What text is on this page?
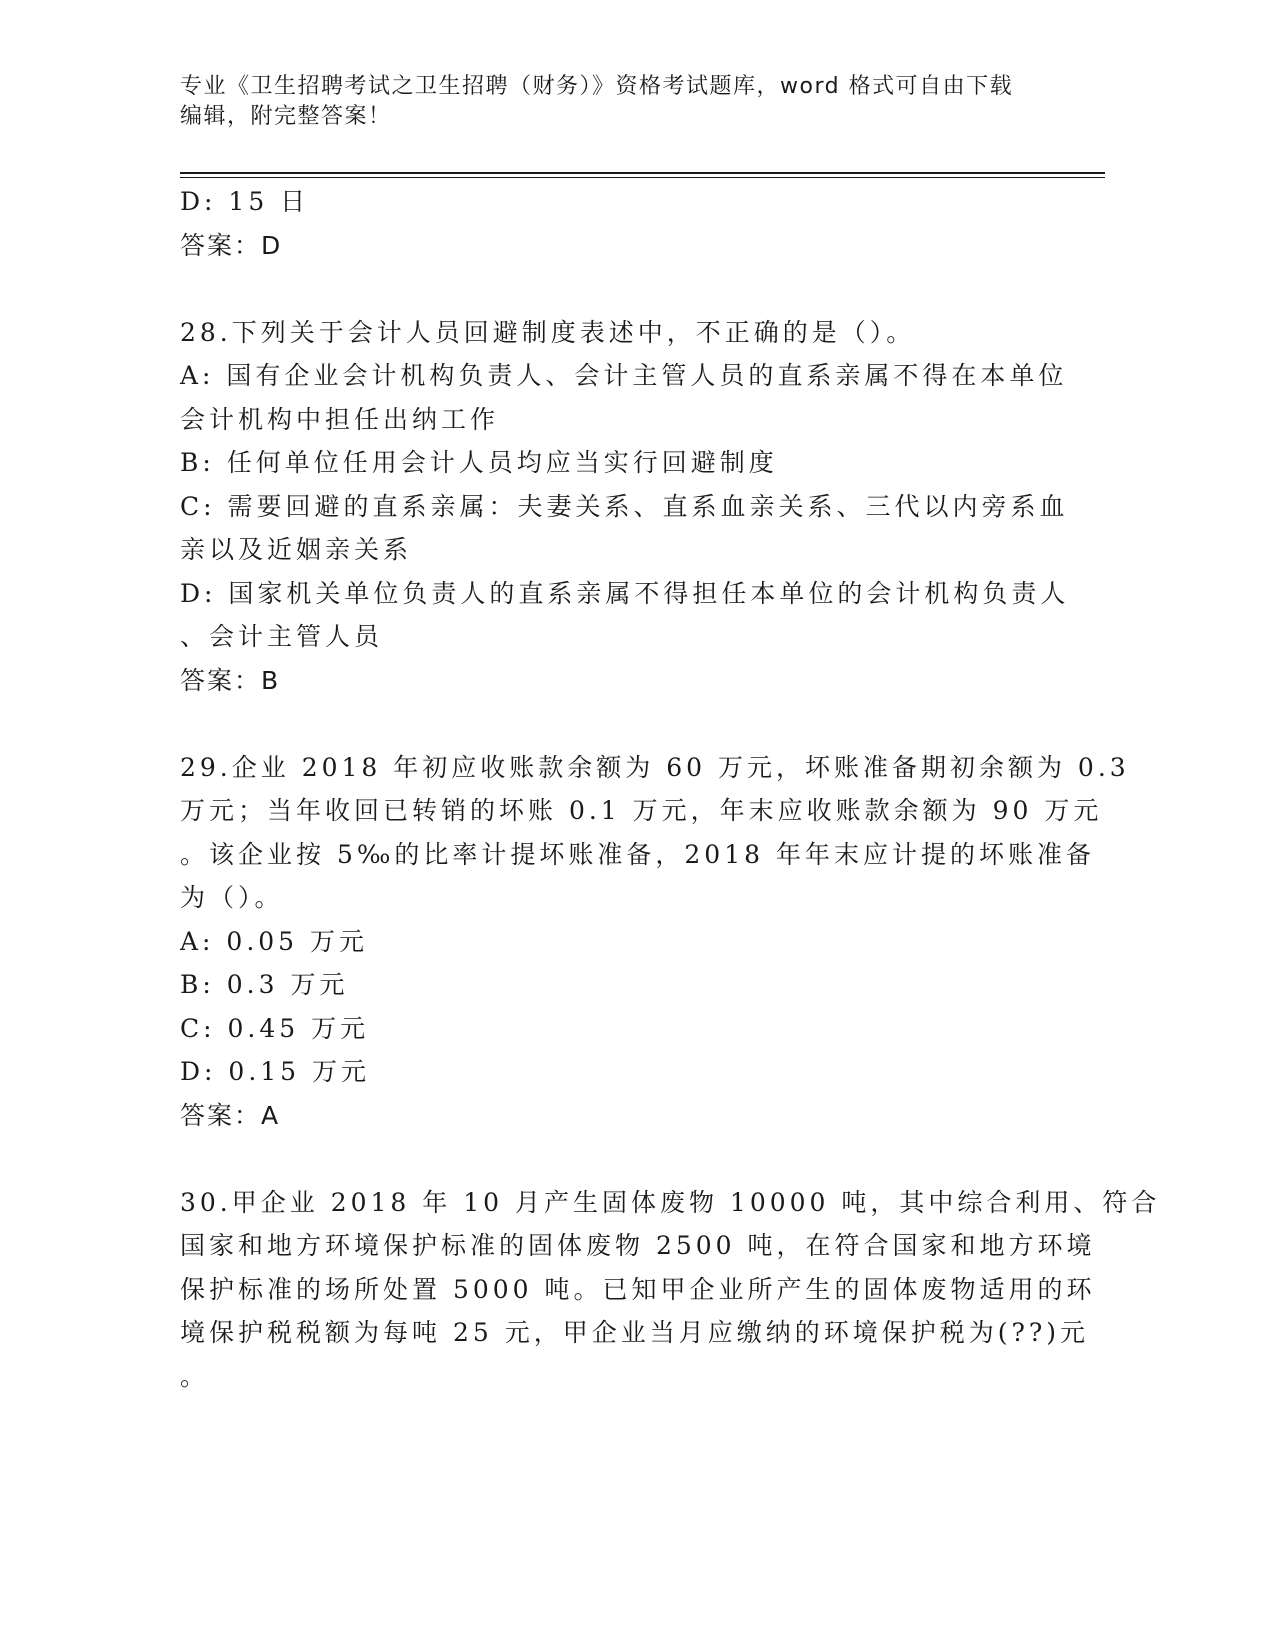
专业《卫生招聘考试之卫生招聘（财务）》资格考试题库，word 格式可自由下载
编辑，附完整答案！
D: 15 日
答案：D
28.下列关于会计人员回避制度表述中，不正确的是（）。
A: 国有企业会计机构负责人、会计主管人员的直系亲属不得在本单位
会计机构中担任出纳工作
B: 任何单位任用会计人员均应当实行回避制度
C: 需要回避的直系亲属：夫妻关系、直系血亲关系、三代以内旁系血
亲以及近姻亲关系
D: 国家机关单位负责人的直系亲属不得担任本单位的会计机构负责人
、会计主管人员
答案：B
29.企业 2018 年初应收账款余额为 60 万元，坏账准备期初余额为 0.3
万元；当年收回已转销的坏账 0.1 万元，年末应收账款余额为 90 万元
。该企业按 5‰的比率计提坏账准备，2018 年年末应计提的坏账准备
为（）。
A: 0.05 万元
B: 0.3 万元
C: 0.45 万元
D: 0.15 万元
答案：A
30.甲企业 2018 年 10 月产生固体废物 10000 吨，其中综合利用、符合
国家和地方环境保护标准的固体废物 2500 吨，在符合国家和地方环境
保护标准的场所处置 5000 吨。已知甲企业所产生的固体废物适用的环
境保护税税额为每吨 25 元，甲企业当月应缴纳的环境保护税为(??)元
。
